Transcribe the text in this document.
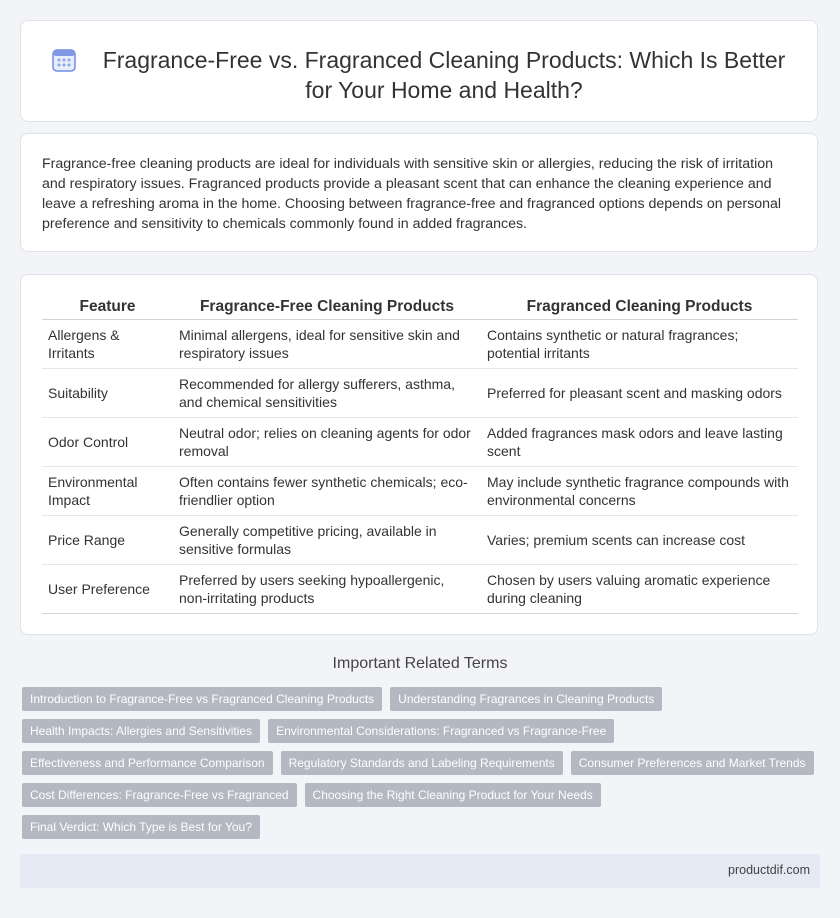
Fragrance-Free vs. Fragranced Cleaning Products: Which Is Better for Your Home and Health?

Fragrance-free cleaning products are ideal for individuals with sensitive skin or allergies, reducing the risk of irritation and respiratory issues. Fragranced products provide a pleasant scent that can enhance the cleaning experience and leave a refreshing aroma in the home. Choosing between fragrance-free and fragranced options depends on personal preference and sensitivity to chemicals commonly found in added fragrances.

Feature	Fragrance-Free Cleaning Products	Fragranced Cleaning Products
Allergens & Irritants	Minimal allergens, ideal for sensitive skin and respiratory issues	Contains synthetic or natural fragrances; potential irritants
Suitability	Recommended for allergy sufferers, asthma, and chemical sensitivities	Preferred for pleasant scent and masking odors
Odor Control	Neutral odor; relies on cleaning agents for odor removal	Added fragrances mask odors and leave lasting scent
Environmental Impact	Often contains fewer synthetic chemicals; eco-friendlier option	May include synthetic fragrance compounds with environmental concerns
Price Range	Generally competitive pricing, available in sensitive formulas	Varies; premium scents can increase cost
User Preference	Preferred by users seeking hypoallergenic, non-irritating products	Chosen by users valuing aromatic experience during cleaning
Important Related Terms
Introduction to Fragrance-Free vs Fragranced Cleaning Products	Understanding Fragrances in Cleaning Products
Health Impacts: Allergies and Sensitivities	Environmental Considerations: Fragranced vs Fragrance-Free
Effectiveness and Performance Comparison	Regulatory Standards and Labeling Requirements	Consumer Preferences and Market Trends
Cost Differences: Fragrance-Free vs Fragranced	Choosing the Right Cleaning Product for Your Needs
Final Verdict: Which Type is Best for You?
productdif.com
